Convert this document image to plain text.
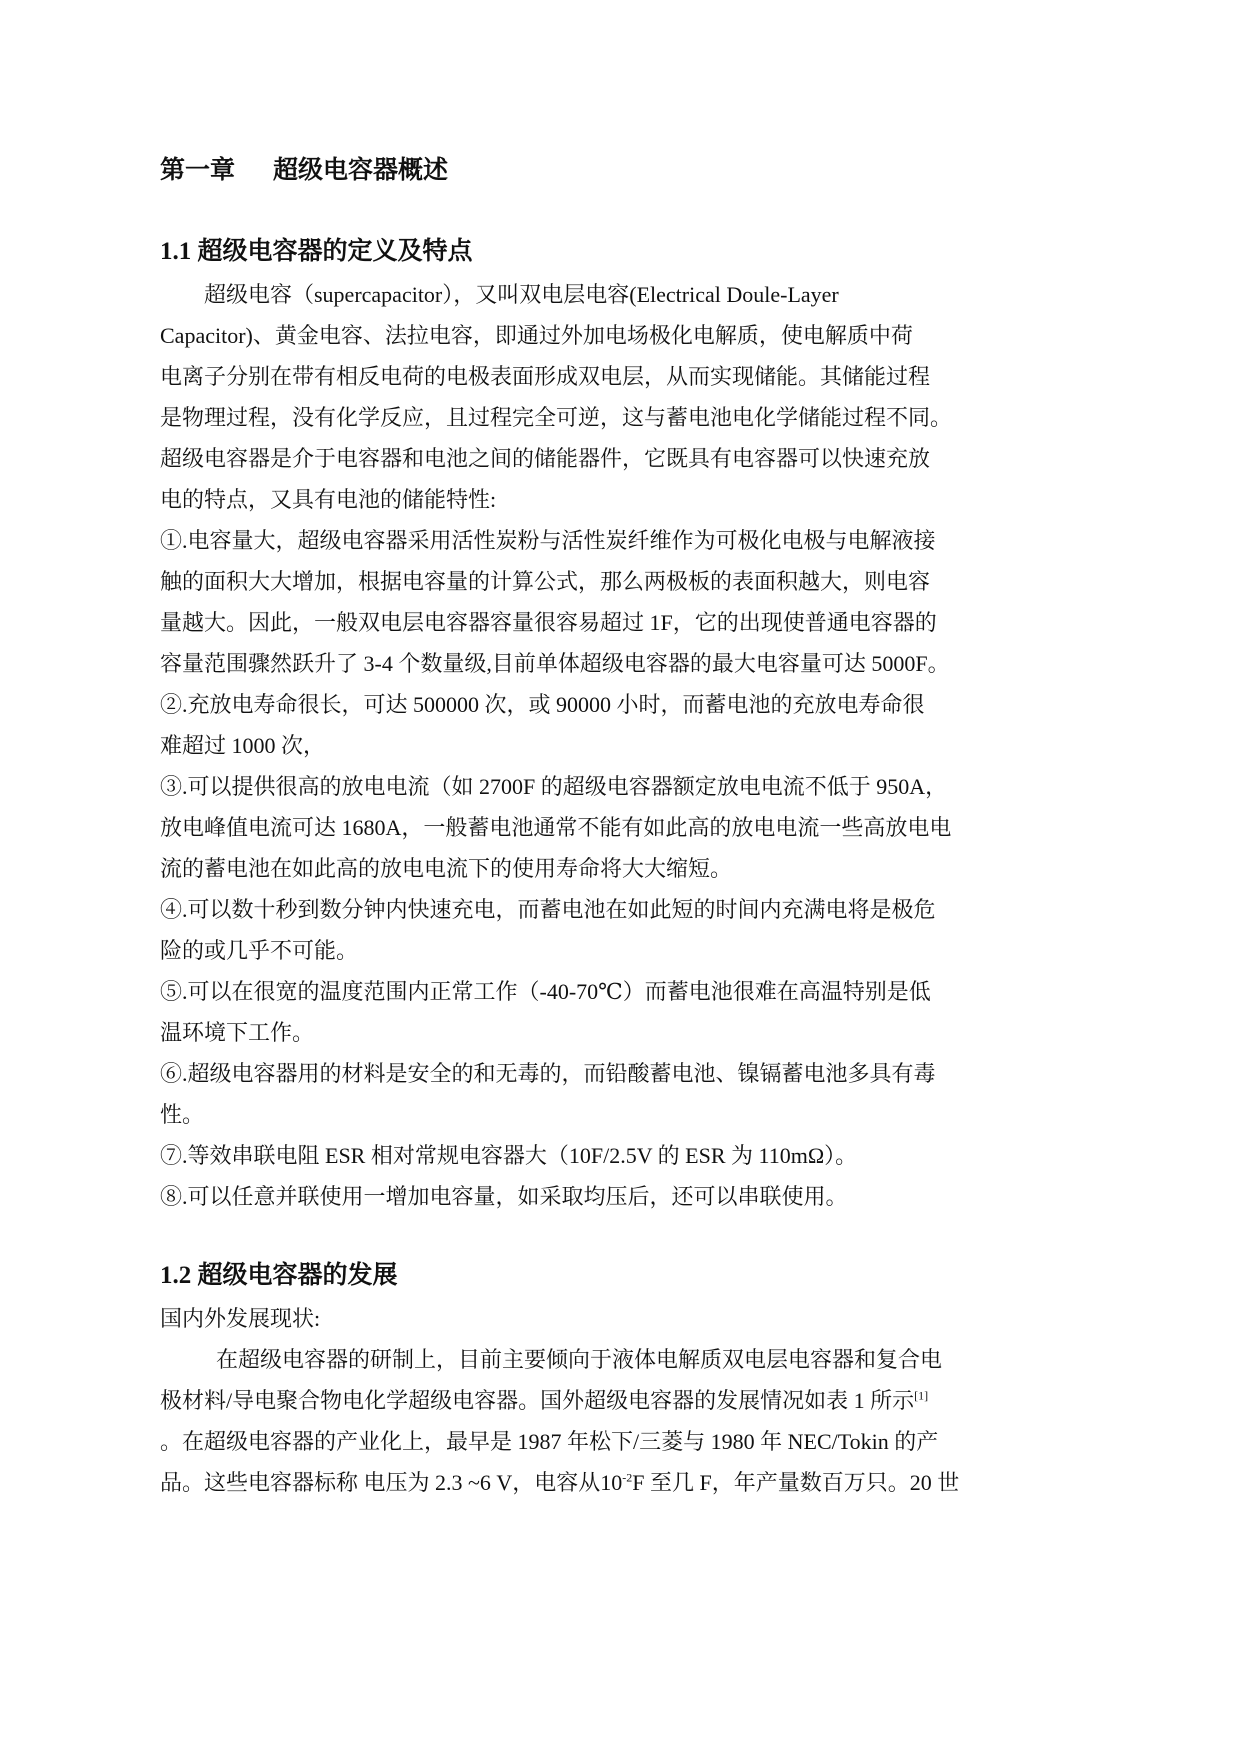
第一章 超级电容器概述
1.1 超级电容器的定义及特点
超级电容（supercapacitor），又叫双电层电容(Electrical Doule-Layer
Capacitor)、黄金电容、法拉电容，即通过外加电场极化电解质，使电解质中荷
电离子分别在带有相反电荷的电极表面形成双电层，从而实现储能。其储能过程
是物理过程，没有化学反应，且过程完全可逆，这与蓄电池电化学储能过程不同。
超级电容器是介于电容器和电池之间的储能器件，它既具有电容器可以快速充放
电的特点，又具有电池的储能特性:
①.电容量大，超级电容器采用活性炭粉与活性炭纤维作为可极化电极与电解液接
触的面积大大增加，根据电容量的计算公式，那么两极板的表面积越大，则电容
量越大。因此，一般双电层电容器容量很容易超过 1F，它的出现使普通电容器的
容量范围骤然跃升了 3-4 个数量级,目前单体超级电容器的最大电容量可达 5000F。
②.充放电寿命很长，可达 500000 次，或 90000 小时，而蓄电池的充放电寿命很
难超过 1000 次，
③.可以提供很高的放电电流（如 2700F 的超级电容器额定放电电流不低于 950A，
放电峰值电流可达 1680A，一般蓄电池通常不能有如此高的放电电流一些高放电电
流的蓄电池在如此高的放电电流下的使用寿命将大大缩短。
④.可以数十秒到数分钟内快速充电，而蓄电池在如此短的时间内充满电将是极危
险的或几乎不可能。
⑤.可以在很宽的温度范围内正常工作（-40-70℃）而蓄电池很难在高温特别是低
温环境下工作。
⑥.超级电容器用的材料是安全的和无毒的，而铅酸蓄电池、镍镉蓄电池多具有毒
性。
⑦.等效串联电阻 ESR 相对常规电容器大（10F/2.5V 的 ESR 为 110mΩ）。
⑧.可以任意并联使用一增加电容量，如采取均压后，还可以串联使用。
1.2 超级电容器的发展
国内外发展现状:
在超级电容器的研制上，目前主要倾向于液体电解质双电层电容器和复合电
极材料/导电聚合物电化学超级电容器。国外超级电容器的发展情况如表 1 所示[1]
。在超级电容器的产业化上，最早是 1987 年松下/三菱与 1980 年 NEC/Tokin 的产
品。这些电容器标称 电压为 2.3 ~6 V，电容从$10^{-2}F$ 至几 F，年产量数百万只。20 世
